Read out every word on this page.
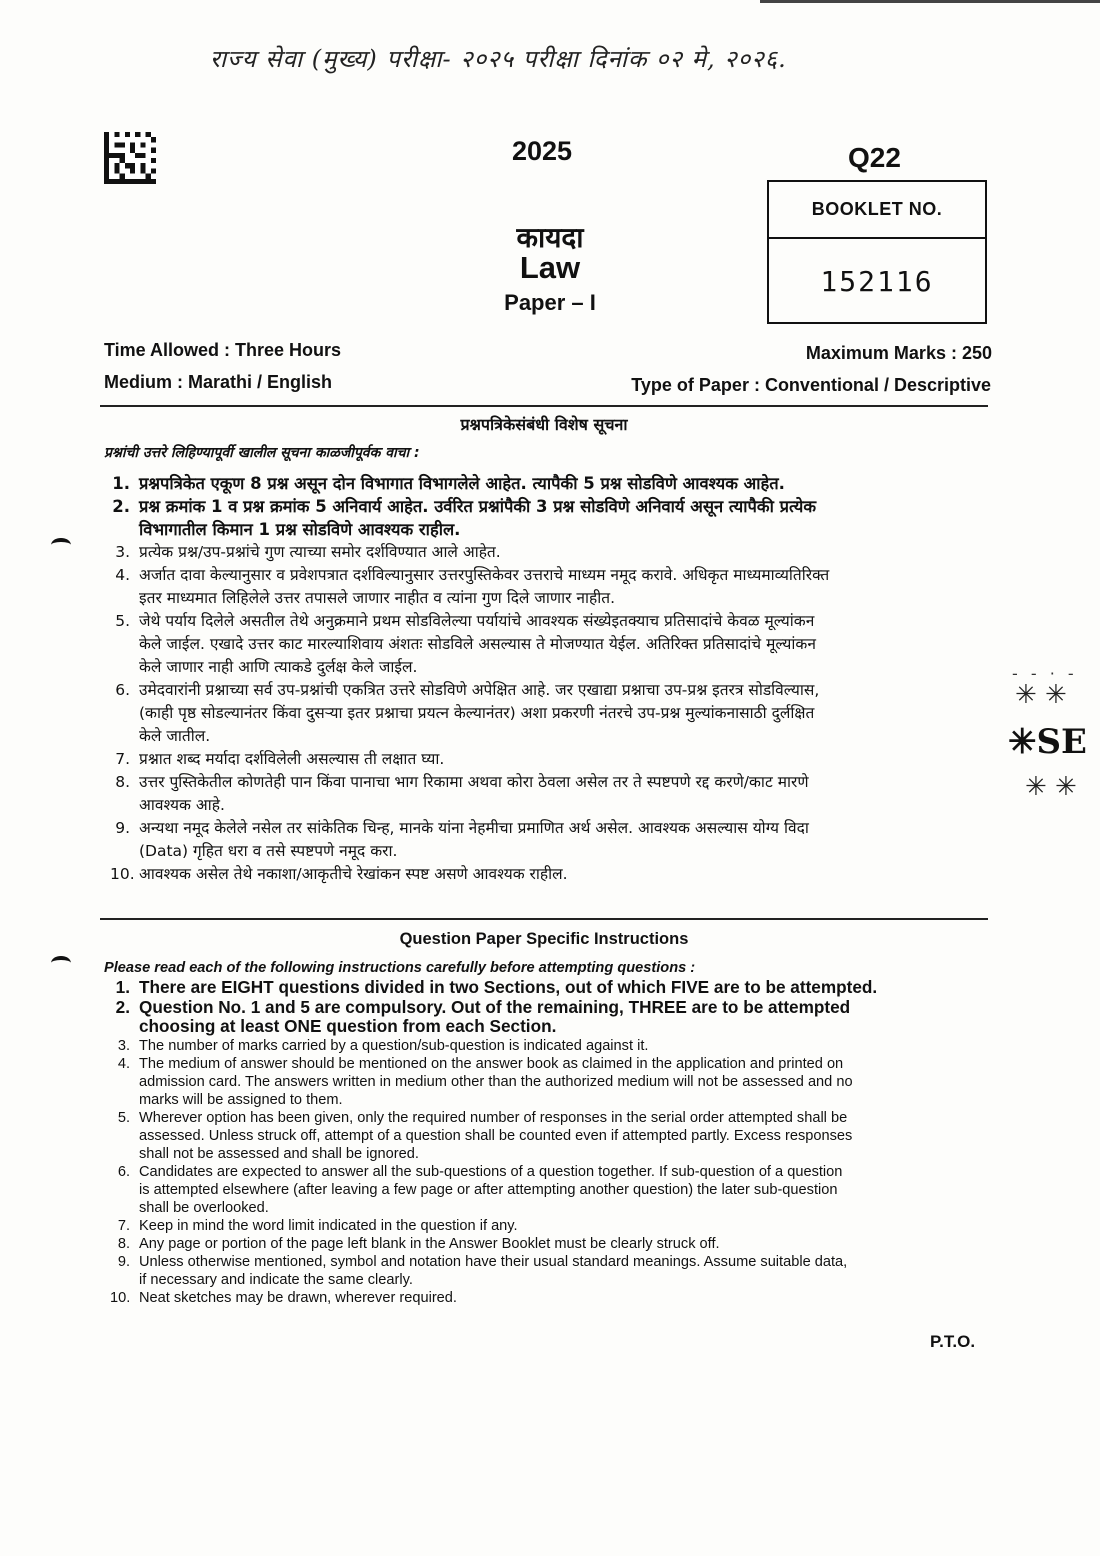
राज्य सेवा (मुख्य) परीक्षा- २०२५ परीक्षा दिनांक ०२ मे, २०२६.
2025	Q22
BOOKLET NO.
152116
कायदा
Law
Paper – I
Time Allowed : Three Hours	Maximum Marks : 250
Medium : Marathi / English	Type of Paper : Conventional / Descriptive
प्रश्नपत्रिकेसंबंधी विशेष सूचना
प्रश्नांची उत्तरे लिहिण्यापूर्वी खालील सूचना काळजीपूर्वक वाचा :
1. प्रश्नपत्रिकेत एकूण 8 प्रश्न असून दोन विभागात विभागलेले आहेत. त्यापैकी 5 प्रश्न सोडविणे आवश्यक आहेत.
2. प्रश्न क्रमांक 1 व प्रश्न क्रमांक 5 अनिवार्य आहेत. उर्वरित प्रश्नांपैकी 3 प्रश्न सोडविणे अनिवार्य असून त्यापैकी प्रत्येक
विभागातील किमान 1 प्रश्न सोडविणे आवश्यक राहील.
3. प्रत्येक प्रश्न/उप-प्रश्नांचे गुण त्याच्या समोर दर्शविण्यात आले आहेत.
4. अर्जात दावा केल्यानुसार व प्रवेशपत्रात दर्शविल्यानुसार उत्तरपुस्तिकेवर उत्तराचे माध्यम नमूद करावे. अधिकृत माध्यमाव्यतिरिक्त
इतर माध्यमात लिहिलेले उत्तर तपासले जाणार नाहीत व त्यांना गुण दिले जाणार नाहीत.
5. जेथे पर्याय दिलेले असतील तेथे अनुक्रमाने प्रथम सोडविलेल्या पर्यायांचे आवश्यक संख्येइतक्याच प्रतिसादांचे केवळ मूल्यांकन
केले जाईल. एखादे उत्तर काट मारल्याशिवाय अंशतः सोडविले असल्यास ते मोजण्यात येईल. अतिरिक्त प्रतिसादांचे मूल्यांकन
केले जाणार नाही आणि त्याकडे दुर्लक्ष केले जाईल.
6. उमेदवारांनी प्रश्नाच्या सर्व उप-प्रश्नांची एकत्रित उत्तरे सोडविणे अपेक्षित आहे. जर एखाद्या प्रश्नाचा उप-प्रश्न इतरत्र सोडविल्यास,
(काही पृष्ठ सोडल्यानंतर किंवा दुसऱ्या इतर प्रश्नाचा प्रयत्न केल्यानंतर) अशा प्रकरणी नंतरचे उप-प्रश्न मुल्यांकनासाठी दुर्लक्षित
केले जातील.
7. प्रश्नात शब्द मर्यादा दर्शविलेली असल्यास ती लक्षात घ्या.
8. उत्तर पुस्तिकेतील कोणतेही पान किंवा पानाचा भाग रिकामा अथवा कोरा ठेवला असेल तर ते स्पष्टपणे रद्द करणे/काट मारणे
आवश्यक आहे.
9. अन्यथा नमूद केलेले नसेल तर सांकेतिक चिन्ह, मानके यांना नेहमीचा प्रमाणित अर्थ असेल. आवश्यक असल्यास योग्य विदा
(Data) गृहित धरा व तसे स्पष्टपणे नमूद करा.
10. आवश्यक असेल तेथे नकाशा/आकृतीचे रेखांकन स्पष्ट असणे आवश्यक राहील.
Question Paper Specific Instructions
Please read each of the following instructions carefully before attempting questions :
1. There are EIGHT questions divided in two Sections, out of which FIVE are to be attempted.
2. Question No. 1 and 5 are compulsory. Out of the remaining, THREE are to be attempted
choosing at least ONE question from each Section.
3. The number of marks carried by a question/sub-question is indicated against it.
4. The medium of answer should be mentioned on the answer book as claimed in the application and printed on
admission card. The answers written in medium other than the authorized medium will not be assessed and no
marks will be assigned to them.
5. Wherever option has been given, only the required number of responses in the serial order attempted shall be
assessed. Unless struck off, attempt of a question shall be counted even if attempted partly. Excess responses
shall not be assessed and shall be ignored.
6. Candidates are expected to answer all the sub-questions of a question together. If sub-question of a question
is attempted elsewhere (after leaving a few page or after attempting another question) the later sub-question
shall be overlooked.
7. Keep in mind the word limit indicated in the question if any.
8. Any page or portion of the page left blank in the Answer Booklet must be clearly struck off.
9. Unless otherwise mentioned, symbol and notation have their usual standard meanings. Assume suitable data,
if necessary and indicate the same clearly.
10. Neat sketches may be drawn, wherever required.
P.T.O.
- - · -
✳ ✳
✳SE
✳ ✳
